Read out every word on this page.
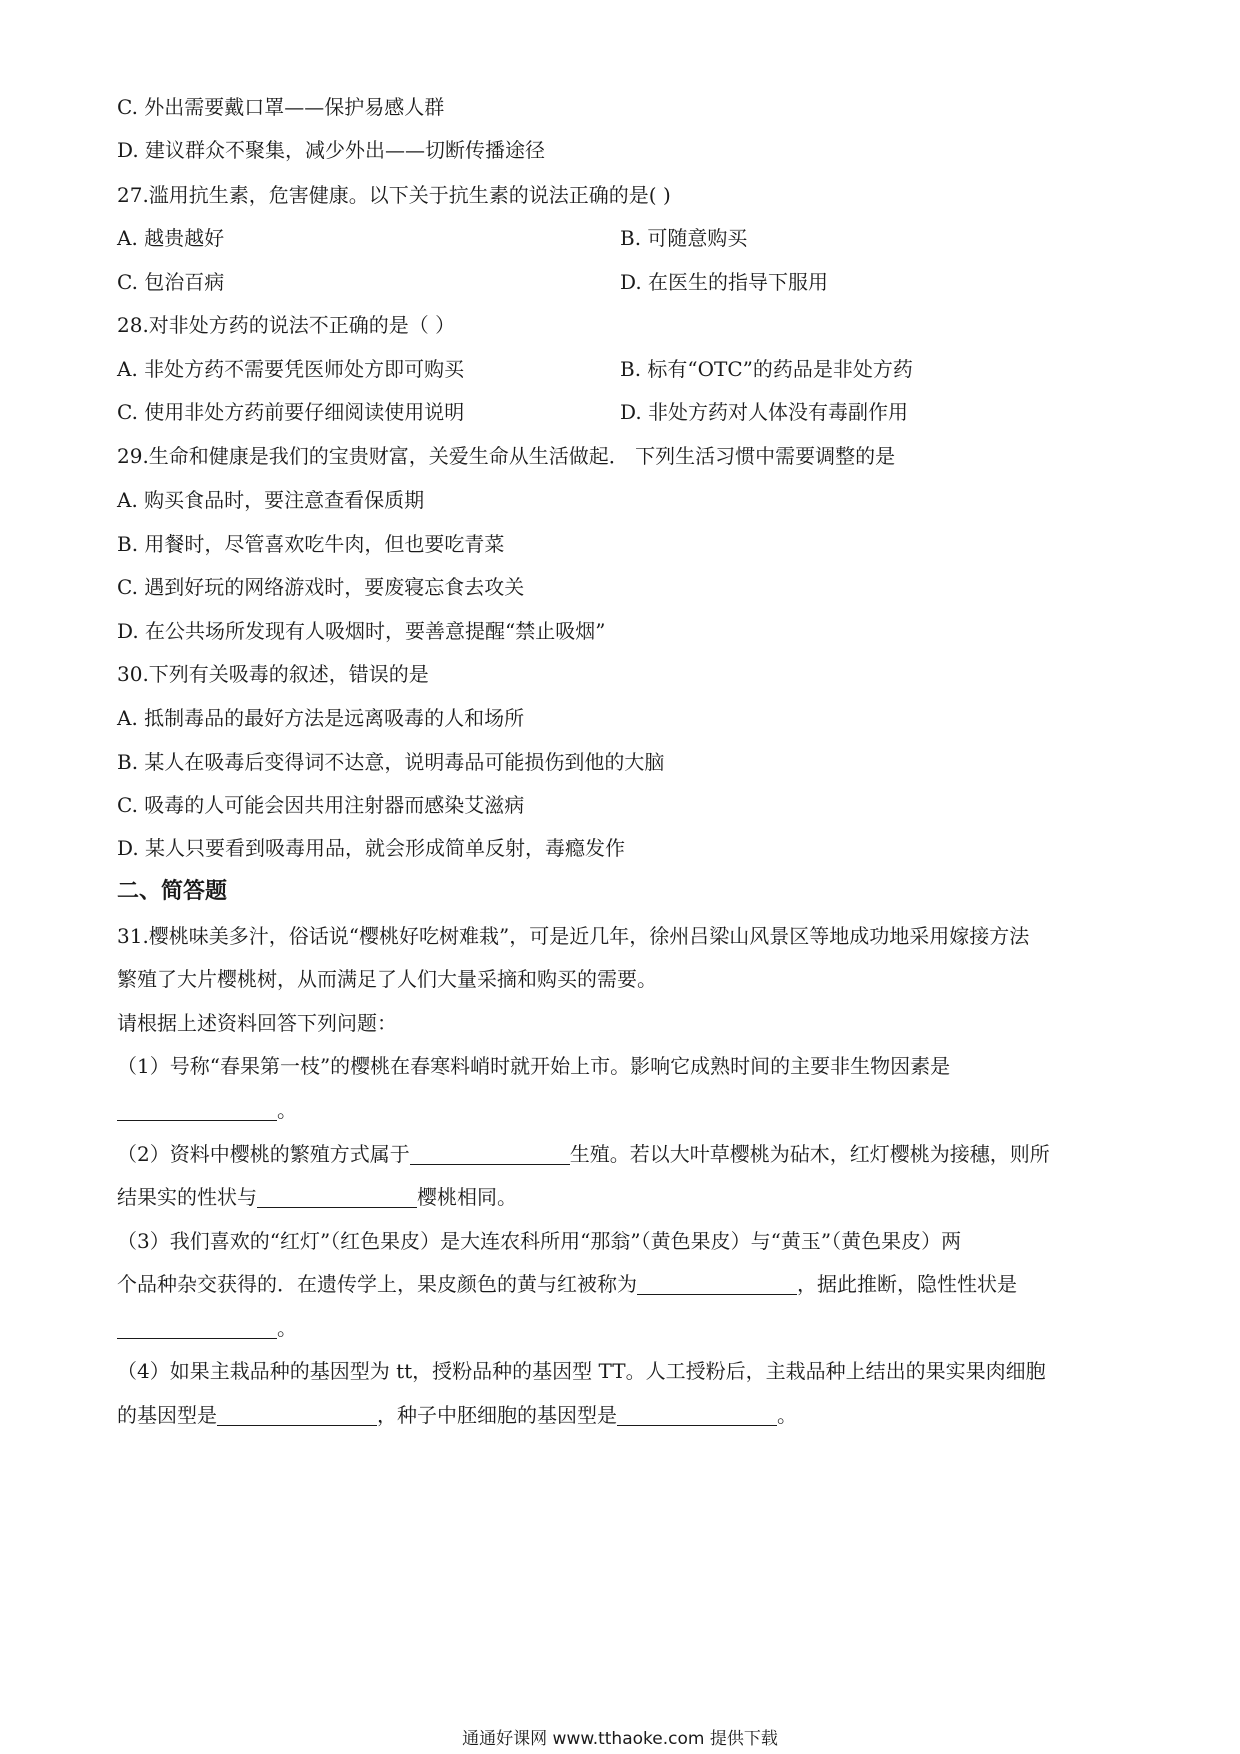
C. 外出需要戴口罩——保护易感人群
D. 建议群众不聚集，减少外出——切断传播途径
27.滥用抗生素，危害健康。以下关于抗生素的说法正确的是( )
A. 越贵越好	B. 可随意购买
C. 包治百病	D. 在医生的指导下服用
28.对非处方药的说法不正确的是（ ）
A. 非处方药不需要凭医师处方即可购买	B. 标有“OTC”的药品是非处方药
C. 使用非处方药前要仔细阅读使用说明	D. 非处方药对人体没有毒副作用
29.生命和健康是我们的宝贵财富，关爱生命从生活做起． 下列生活习惯中需要调整的是
A. 购买食品时，要注意查看保质期
B. 用餐时，尽管喜欢吃牛肉，但也要吃青菜
C. 遇到好玩的网络游戏时，要废寝忘食去攻关
D. 在公共场所发现有人吸烟时，要善意提醒“禁止吸烟”
30.下列有关吸毒的叙述，错误的是
A. 抵制毒品的最好方法是远离吸毒的人和场所
B. 某人在吸毒后变得词不达意，说明毒品可能损伤到他的大脑
C. 吸毒的人可能会因共用注射器而感染艾滋病
D. 某人只要看到吸毒用品，就会形成简单反射，毒瘾发作
二、简答题
31.樱桃味美多汁，俗话说“樱桃好吃树难栽”，可是近几年，徐州吕梁山风景区等地成功地采用嫁接方法
繁殖了大片樱桃树，从而满足了人们大量采摘和购买的需要。
请根据上述资料回答下列问题：
（1）号称“春果第一枝”的樱桃在春寒料峭时就开始上市。影响它成熟时间的主要非生物因素是
。
（2）资料中樱桃的繁殖方式属于	生殖。若以大叶草樱桃为砧木，红灯樱桃为接穗，则所
结果实的性状与	樱桃相同。
（3）我们喜欢的“红灯”（红色果皮）是大连农科所用“那翁”（黄色果皮）与“黄玉”（黄色果皮）两
个品种杂交获得的．在遗传学上，果皮颜色的黄与红被称为	，据此推断，隐性性状是
。
（4）如果主栽品种的基因型为 tt，授粉品种的基因型 TT。人工授粉后，主栽品种上结出的果实果肉细胞
的基因型是	，种子中胚细胞的基因型是	。
通通好课网 www.tthaoke.com 提供下载
